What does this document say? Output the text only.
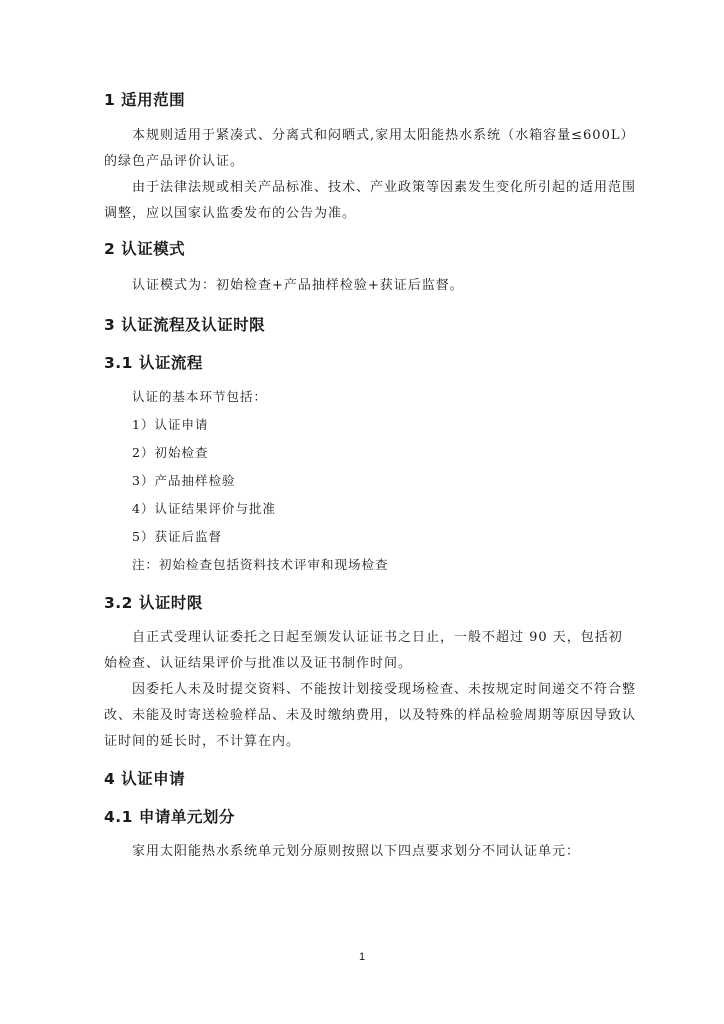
1 适用范围

本规则适用于紧凑式、分离式和闷晒式,家用太阳能热水系统（水箱容量≤600L）的绿色产品评价认证。

由于法律法规或相关产品标准、技术、产业政策等因素发生变化所引起的适用范围调整，应以国家认监委发布的公告为准。

2 认证模式

认证模式为：初始检查+产品抽样检验+获证后监督。

3 认证流程及认证时限
3.1 认证流程
认证的基本环节包括：
1）认证申请
2）初始检查
3）产品抽样检验
4）认证结果评价与批准
5）获证后监督
注：初始检查包括资料技术评审和现场检查
3.2 认证时限

自正式受理认证委托之日起至颁发认证证书之日止，一般不超过 90 天，包括初始检查、认证结果评价与批准以及证书制作时间。

因委托人未及时提交资料、不能按计划接受现场检查、未按规定时间递交不符合整改、未能及时寄送检验样品、未及时缴纳费用，以及特殊的样品检验周期等原因导致认证时间的延长时，不计算在内。

4 认证申请
4.1 申请单元划分

家用太阳能热水系统单元划分原则按照以下四点要求划分不同认证单元：

1
